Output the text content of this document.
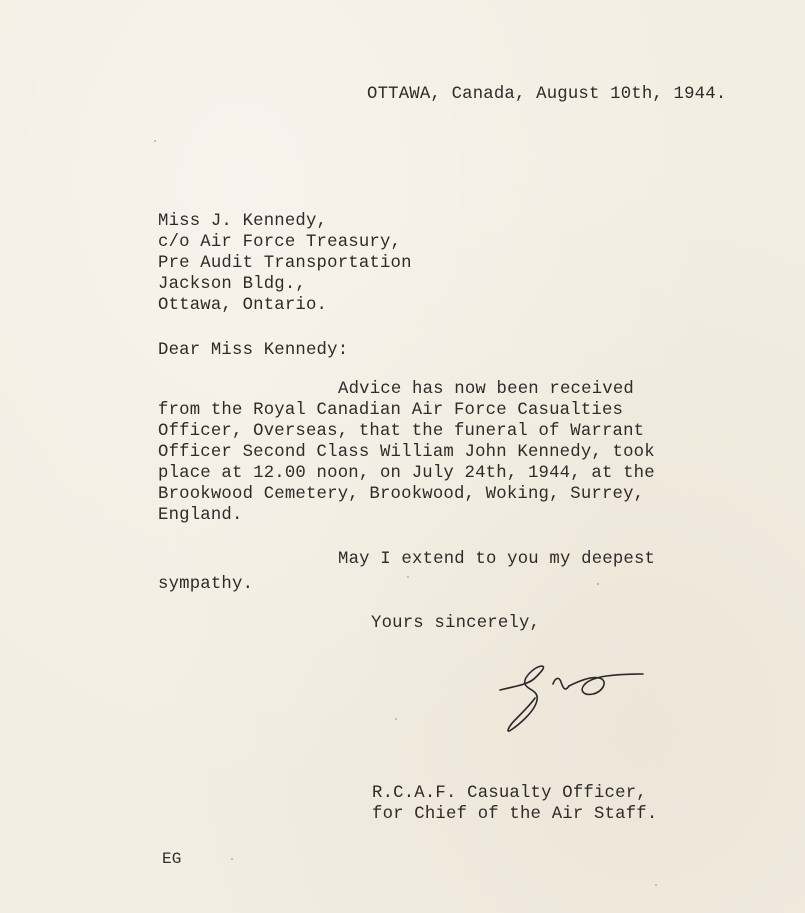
OTTAWA, Canada, August 10th, 1944.
Miss J. Kennedy,
c/o Air Force Treasury,
Pre Audit Transportation
Jackson Bldg.,
Ottawa, Ontario.
Dear Miss Kennedy:
Advice has now been received
from the Royal Canadian Air Force Casualties
Officer, Overseas, that the funeral of Warrant
Officer Second Class William John Kennedy, took
place at 12.00 noon, on July 24th, 1944, at the
Brookwood Cemetery, Brookwood, Woking, Surrey,
England.
May I extend to you my deepest
sympathy.
Yours sincerely,
R.C.A.F. Casualty Officer,
for Chief of the Air Staff.
EG
